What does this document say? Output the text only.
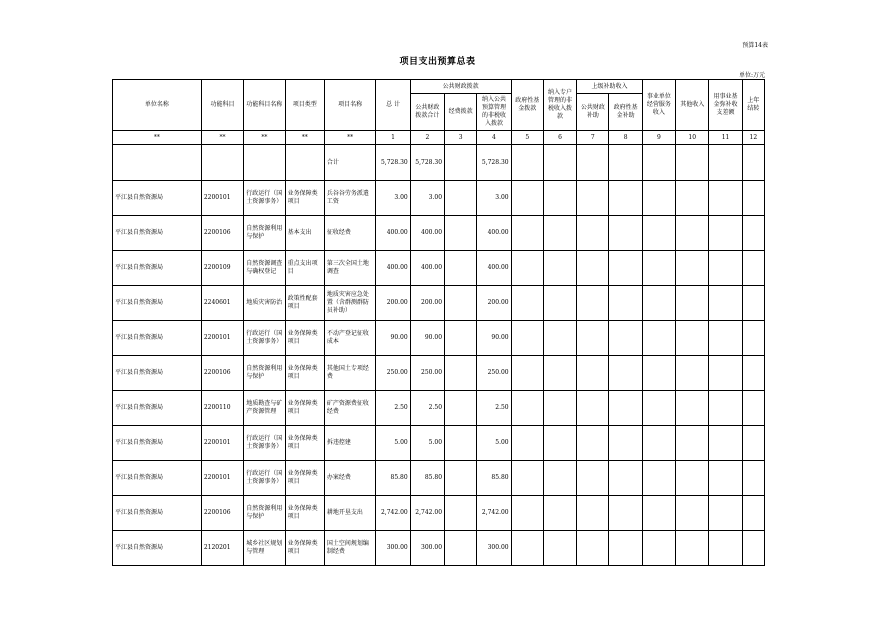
预算14表
项目支出预算总表
单位:万元
单位名称	功能科目	功能科目名称	项目类型	项目名称	总 计	公共财政拨款			政府性基金拨款	纳入专户管理的非税收入拨款	上级补助收入		事业单位经营服务收入	其他收入	用事业基金弥补收支差额	上年结转
						公共财政拨款合计	经费拨款	纳入公共预算管理的非税收入拨款			公共财政补助	政府性基金补助				
**	**	**	**	**	1	2	3	4	5	6	7	8	9	10	11	12
				合计	5,728.30	5,728.30		5,728.30								
平江县自然资源局	2200101	行政运行（国土资源事务）	业务保障类项目	兵谷谷劳务派遣工资	3.00	3.00		3.00								
平江县自然资源局	2200106	自然资源利用与保护	基本支出	征收经费	400.00	400.00		400.00								
平江县自然资源局	2200109	自然资源调查与确权登记	重点支出项目	第三次全国土地调查	400.00	400.00		400.00								
平江县自然资源局	2240601	地质灾害防治	政策性配套项目	地质灾害应急处置（含群测群防员补助）	200.00	200.00		200.00								
平江县自然资源局	2200101	行政运行（国土资源事务）	业务保障类项目	不动产登记征收成本	90.00	90.00		90.00								
平江县自然资源局	2200106	自然资源利用与保护	业务保障类项目	其他国土专项经费	250.00	250.00		250.00								
平江县自然资源局	2200110	地质勘查与矿产资源管理	业务保障类项目	矿产资源费征收经费	2.50	2.50		2.50								
平江县自然资源局	2200101	行政运行（国土资源事务）	业务保障类项目	拆违控建	5.00	5.00		5.00								
平江县自然资源局	2200101	行政运行（国土资源事务）	业务保障类项目	办案经费	85.80	85.80		85.80								
平江县自然资源局	2200106	自然资源利用与保护	业务保障类项目	耕地开垦支出	2,742.00	2,742.00		2,742.00								
平江县自然资源局	2120201	城乡社区规划与管理	业务保障类项目	国土空间规划编制经费	300.00	300.00		300.00								
